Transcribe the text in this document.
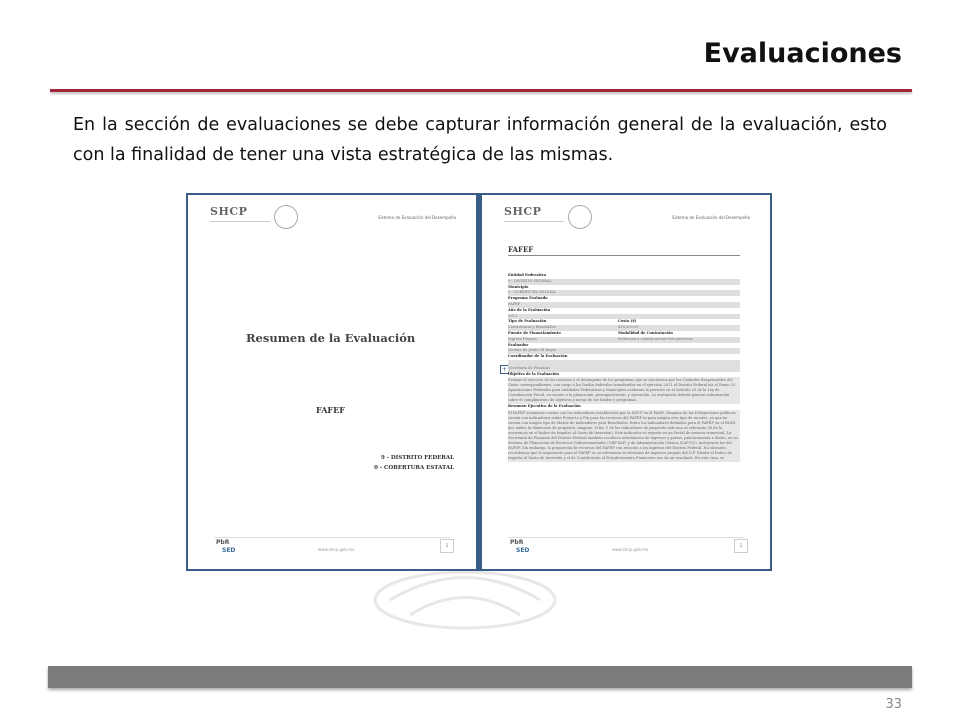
Evaluaciones
En la sección de evaluaciones se debe capturar información general de la evaluación, esto con la finalidad de tener una vista estratégica de las mismas.
SHCP	Sistema de Evaluación del Desempeño
Resumen de la Evaluación
FAFEF
9 - DISTRITO FEDERAL
0 - COBERTURA ESTATAL
PbR
SED	www.shcp.gob.mx
1
SHCP	Sistema de Evaluación del Desempeño
FAFEF
+
Entidad Federativa
9 - DISTRITO FEDERAL
Municipio
0 - COBERTURA ESTATAL
Programa Evaluado
FAFEF
Año de la Evaluación
2012
Tipo de Evaluación	Costo ($)
Consistencia y Resultados	418,500.00
Fuente de Financiamiento	Modalidad de Contratación
Ingreso Propios	Invitación a cuando menos tres personas
Evaluador
Vicente de Jesús Gil Reyes
Coordinador de la Evaluación
Secretaría de Finanzas
Objetivo de la Evaluación
Evaluar el ejercicio de los recursos y el desempeño de los programas que se ejecutaron por las Unidades Responsables del Gasto correspondientes, con cargo a los fondos federales transferidos en el ejercicio 2011 al Distrito Federal vía el Ramo 33 Aportaciones Federales para entidades Federativas y Municipios conforme lo previsto en el Artículo 25 de la Ley de Coordinación Fiscal, en cuanto a la planeación, presupuestación, y operación. La evaluación deberá generar información sobre el cumplimiento de objetivos y metas de los fondos y programas.
Resumen Ejecutivo de la Evaluación
El FAFEF solamente cuenta con los indicadores establecidos por la SHCP en el PASH. Ninguna de las Delegaciones políticas cuenta con indicadores sobre Proyecto y Fin para los recursos del FAFEF ni para ningún otro tipo de recurso, ya que no cuenta con ningún tipo de Matriz de Indicadores para Resultados. Entre los indicadores definidos para el FAFEF en el PASH, dos miden la dimensión de propósito, ninguno, el fin. Y de los indicadores de propósito sólo uno es relevante (el de la ocurrencia en el Índice de Impulso al Gasto de Inversión). Este indicador se reporta en un Portal de manera trimestral. La Secretaría de Finanzas del Distrito Federal también recolecta información de ingresos y gastos, prácticamente a diario, en su Sistema de Planeación de Recursos Gubernamentales (GRP-SAP) y de Administración Clásica (SAP-CO), incluyendo los del FAFEF. Sin embargo, la proporción de recursos del FAFEF con relación a los ingresos del Distrito Federal. No obstante, recordemos que lo importante para el FAFEF es su relevancia en términos de ingresos propios del D.F. Dividir el Índice de Impulso al Gasto de Inversión y el de Contribución al Fortalecimiento Financiero nos da un resultado. En este caso, se
PbR
SED	www.shcp.gob.mx
1
33
